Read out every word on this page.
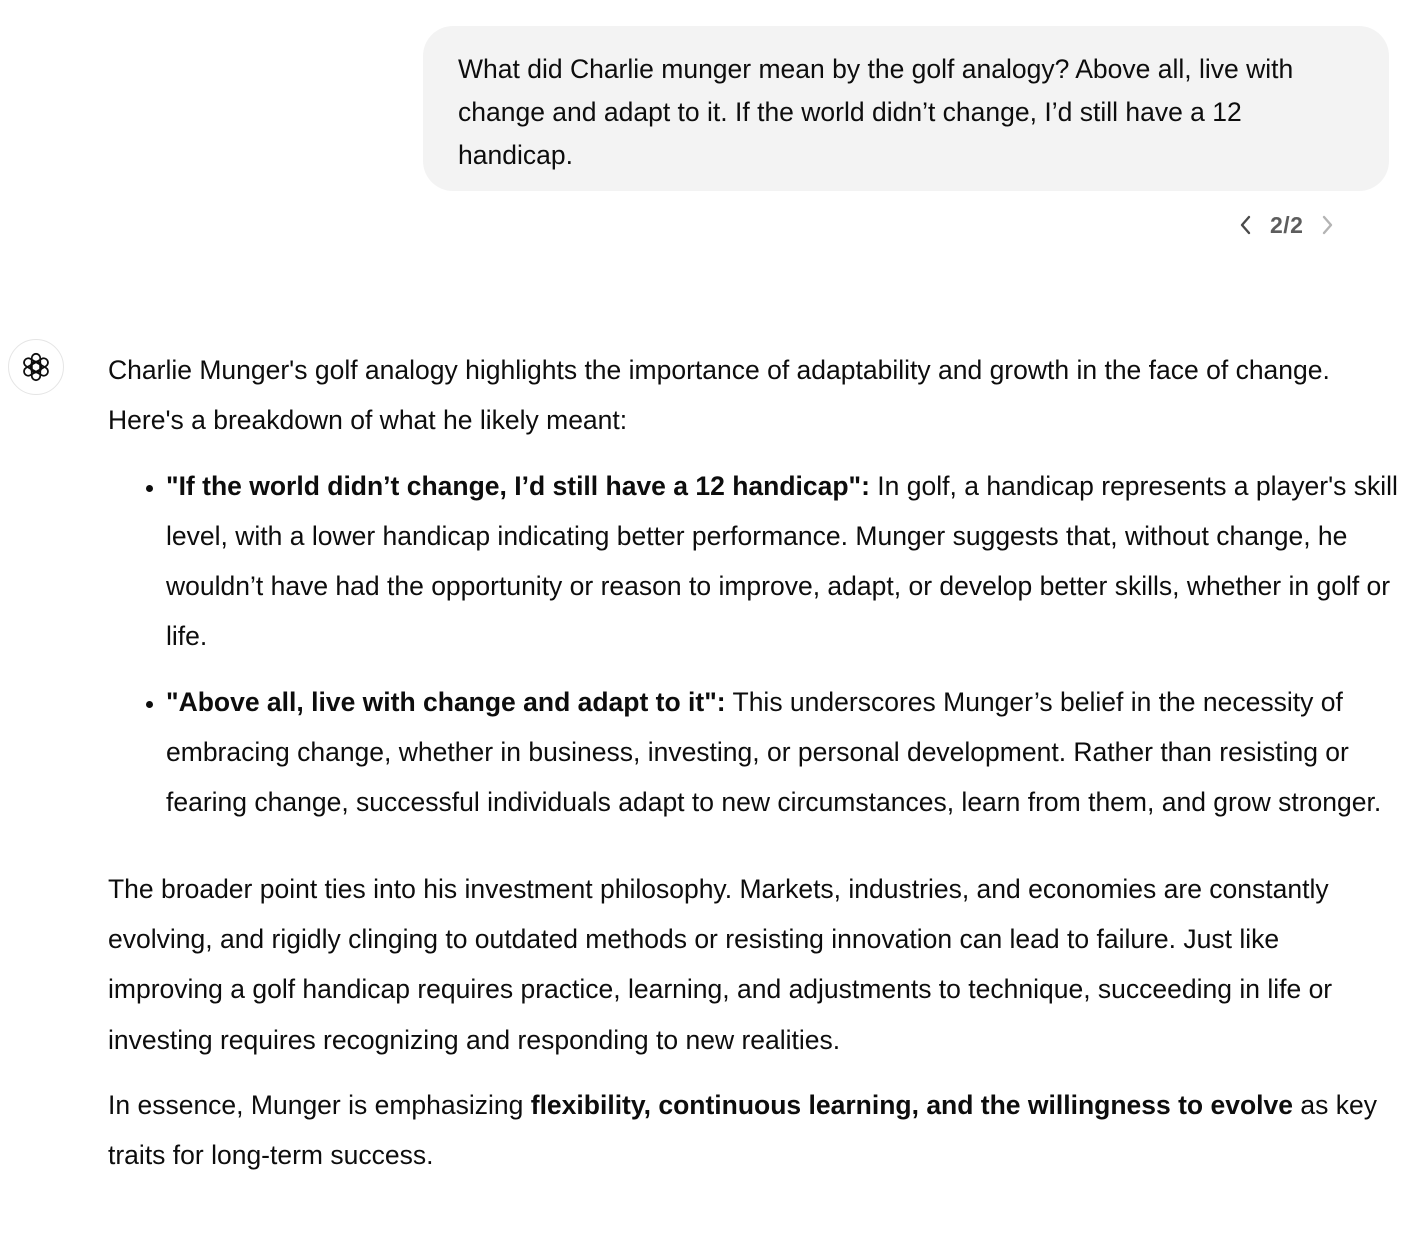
What did Charlie munger mean by the golf analogy? Above all, live with change and adapt to it. If the world didn’t change, I’d still have a 12 handicap.
2/2

Charlie Munger's golf analogy highlights the importance of adaptability and growth in the face of change. Here's a breakdown of what he likely meant:

• "If the world didn’t change, I’d still have a 12 handicap": In golf, a handicap represents a player's skill level, with a lower handicap indicating better performance. Munger suggests that, without change, he wouldn’t have had the opportunity or reason to improve, adapt, or develop better skills, whether in golf or life.
• "Above all, live with change and adapt to it": This underscores Munger’s belief in the necessity of embracing change, whether in business, investing, or personal development. Rather than resisting or fearing change, successful individuals adapt to new circumstances, learn from them, and grow stronger.

The broader point ties into his investment philosophy. Markets, industries, and economies are constantly evolving, and rigidly clinging to outdated methods or resisting innovation can lead to failure. Just like improving a golf handicap requires practice, learning, and adjustments to technique, succeeding in life or investing requires recognizing and responding to new realities.

In essence, Munger is emphasizing flexibility, continuous learning, and the willingness to evolve as key traits for long-term success.
